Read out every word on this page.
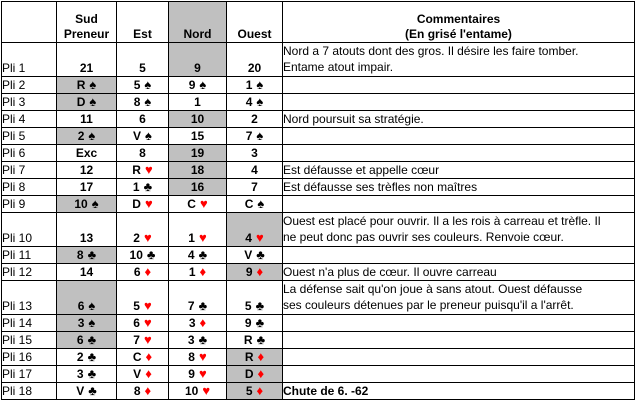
	Sud
Preneur	Est	Nord	Ouest	Commentaires
(En grisé l'entame)
Pli 1	21	5	9	20	Nord a 7 atouts dont des gros. Il désire les faire tomber.
Entame atout impair.

Pli 2	R ♠	5 ♠	9 ♠	1 ♠	
Pli 3	D ♠	8 ♠	1	4 ♠	
Pli 4	11	6	10	2	Nord poursuit sa stratégie.

Pli 5	2 ♠	V ♠	15	7 ♠	
Pli 6	Exc	8	19	3	
Pli 7	12	R ♥	18	4	Est défausse et appelle cœur

Pli 8	17	1 ♣	16	7	Est défausse ses trèfles non maîtres

Pli 9	10 ♠	D ♥	C ♥	C ♠	
Pli 10	13	2 ♥	1 ♥	4 ♥	Ouest est placé pour ouvrir. Il a les rois à carreau et trèfle. Il
ne peut donc pas ouvrir ses couleurs. Renvoie cœur.

Pli 11	8 ♣	10 ♣	4 ♣	V ♣	
Pli 12	14	6 ♦	1 ♦	9 ♦	Ouest n'a plus de cœur. Il ouvre carreau

Pli 13	6 ♠	5 ♥	7 ♣	5 ♣	La défense sait qu'on joue à sans atout. Ouest défausse
ses couleurs détenues par le preneur puisqu'il a l'arrêt.

Pli 14	3 ♠	6 ♥	3 ♦	9 ♣	
Pli 15	6 ♣	7 ♥	3 ♣	R ♣	
Pli 16	2 ♣	C ♦	8 ♥	R ♦	
Pli 17	3 ♣	V ♦	9 ♥	D ♦	
Pli 18	V ♣	8 ♦	10 ♥	5 ♦	Chute de 6. -62
